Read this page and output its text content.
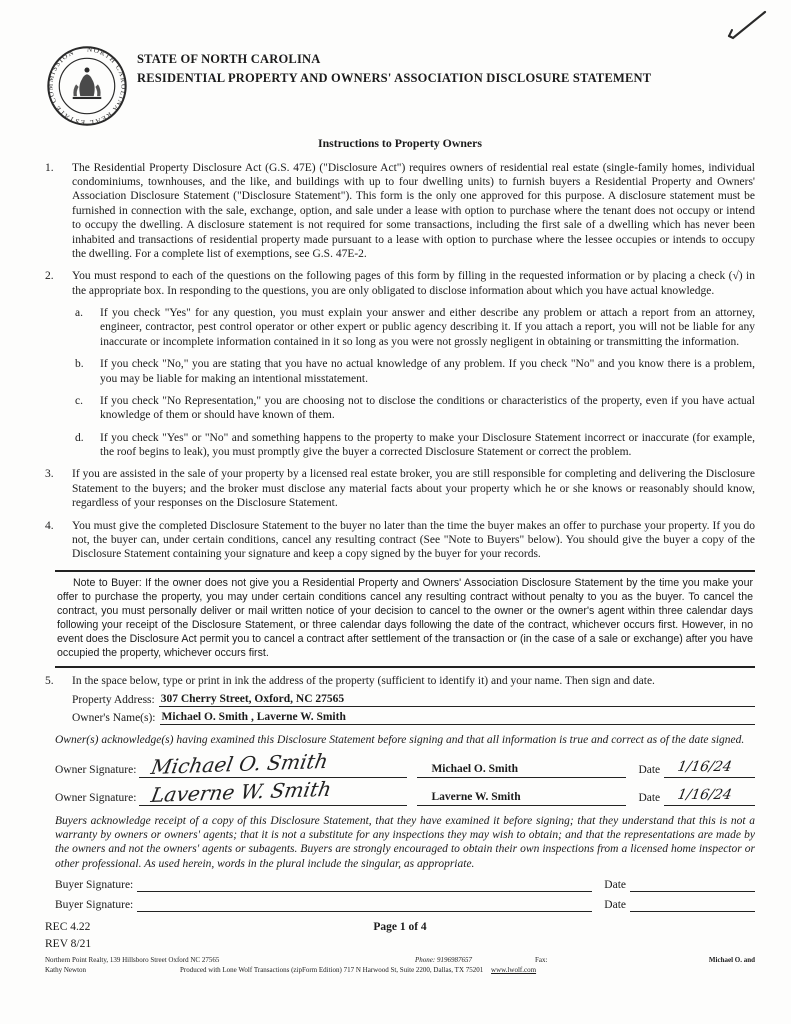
NORTH CAROLINA REAL ESTATE COMMISSION	STATE OF NORTH CAROLINA
RESIDENTIAL PROPERTY AND OWNERS' ASSOCIATION DISCLOSURE STATEMENT
Instructions to Property Owners
1.	The Residential Property Disclosure Act (G.S. 47E) ("Disclosure Act") requires owners of residential real estate (single-family homes, individual condominiums, townhouses, and the like, and buildings with up to four dwelling units) to furnish buyers a Residential Property and Owners' Association Disclosure Statement ("Disclosure Statement"). This form is the only one approved for this purpose. A disclosure statement must be furnished in connection with the sale, exchange, option, and sale under a lease with option to purchase where the tenant does not occupy or intend to occupy the dwelling. A disclosure statement is not required for some transactions, including the first sale of a dwelling which has never been inhabited and transactions of residential property made pursuant to a lease with option to purchase where the lessee occupies or intends to occupy the dwelling. For a complete list of exemptions, see G.S. 47E-2.
2.	You must respond to each of the questions on the following pages of this form by filling in the requested information or by placing a check (√) in the appropriate box. In responding to the questions, you are only obligated to disclose information about which you have actual knowledge.
a.	If you check "Yes" for any question, you must explain your answer and either describe any problem or attach a report from an attorney, engineer, contractor, pest control operator or other expert or public agency describing it. If you attach a report, you will not be liable for any inaccurate or incomplete information contained in it so long as you were not grossly negligent in obtaining or transmitting the information.
b.	If you check "No," you are stating that you have no actual knowledge of any problem. If you check "No" and you know there is a problem, you may be liable for making an intentional misstatement.
c.	If you check "No Representation," you are choosing not to disclose the conditions or characteristics of the property, even if you have actual knowledge of them or should have known of them.
d.	If you check "Yes" or "No" and something happens to the property to make your Disclosure Statement incorrect or inaccurate (for example, the roof begins to leak), you must promptly give the buyer a corrected Disclosure Statement or correct the problem.
3.	If you are assisted in the sale of your property by a licensed real estate broker, you are still responsible for completing and delivering the Disclosure Statement to the buyers; and the broker must disclose any material facts about your property which he or she knows or reasonably should know, regardless of your responses on the Disclosure Statement.
4.	You must give the completed Disclosure Statement to the buyer no later than the time the buyer makes an offer to purchase your property. If you do not, the buyer can, under certain conditions, cancel any resulting contract (See "Note to Buyers" below). You should give the buyer a copy of the Disclosure Statement containing your signature and keep a copy signed by the buyer for your records.
Note to Buyer: If the owner does not give you a Residential Property and Owners' Association Disclosure Statement by the time you make your offer to purchase the property, you may under certain conditions cancel any resulting contract without penalty to you as the buyer. To cancel the contract, you must personally deliver or mail written notice of your decision to cancel to the owner or the owner's agent within three calendar days following your receipt of the Disclosure Statement, or three calendar days following the date of the contract, whichever occurs first. However, in no event does the Disclosure Act permit you to cancel a contract after settlement of the transaction or (in the case of a sale or exchange) after you have occupied the property, whichever occurs first.
5.	In the space below, type or print in ink the address of the property (sufficient to identify it) and your name. Then sign and date.
Property Address: 307 Cherry Street, Oxford, NC 27565
Owner's Name(s): Michael O. Smith , Laverne W. Smith
Owner(s) acknowledge(s) having examined this Disclosure Statement before signing and that all information is true and correct as of the date signed.
Owner Signature: Michael O. Smith	Michael O. Smith	Date 1/16/24
Owner Signature: Laverne W. Smith	Laverne W. Smith	Date 1/16/24
Buyers acknowledge receipt of a copy of this Disclosure Statement, that they have examined it before signing; that they understand that this is not a warranty by owners or owners' agents; that it is not a substitute for any inspections they may wish to obtain; and that the representations are made by the owners and not the owners' agents or subagents. Buyers are strongly encouraged to obtain their own inspections from a licensed home inspector or other professional. As used herein, words in the plural include the singular, as appropriate.
Buyer Signature:	Date
Buyer Signature:	Date
REC 4.22	Page 1 of 4
REV 8/21
Northern Point Realty, 139 Hillsboro Street Oxford NC 27565	Phone: 9196987657	Fax:	Michael O. and
Kathy Newton	Produced with Lone Wolf Transactions (zipForm Edition) 717 N Harwood St, Suite 2200, Dallas, TX 75201 www.lwolf.com
